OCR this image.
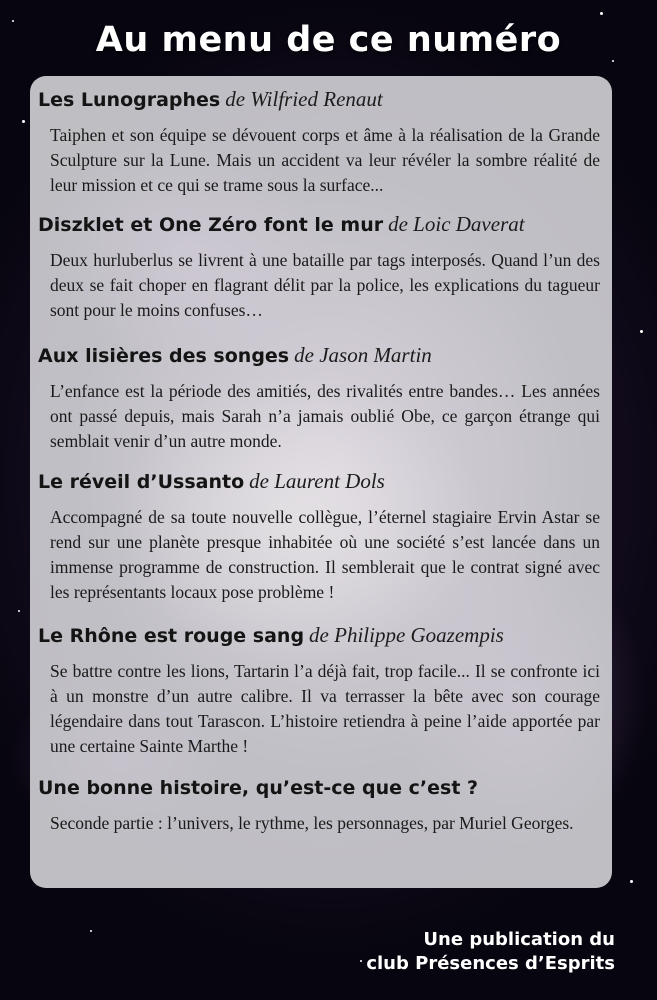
Au menu de ce numéro

Les Lunographes de Wilfried Renaut

Taiphen et son équipe se dévouent corps et âme à la réalisation de la Grande Sculpture sur la Lune. Mais un accident va leur révéler la sombre réalité de leur mission et ce qui se trame sous la surface...

Diszklet et One Zéro font le mur de Loic Daverat

Deux hurluberlus se livrent à une bataille par tags interposés. Quand l’un des deux se fait choper en flagrant délit par la police, les explications du tagueur sont pour le moins confuses…

Aux lisières des songes de Jason Martin

L’enfance est la période des amitiés, des rivalités entre bandes… Les années ont passé depuis, mais Sarah n’a jamais oublié Obe, ce garçon étrange qui semblait venir d’un autre monde.

Le réveil d’Ussanto de Laurent Dols

Accompagné de sa toute nouvelle collègue, l’éternel stagiaire Ervin Astar se rend sur une planète presque inhabitée où une société s’est lancée dans un immense programme de construction. Il semblerait que le contrat signé avec les représentants locaux pose problème !

Le Rhône est rouge sang de Philippe Goazempis

Se battre contre les lions, Tartarin l’a déjà fait, trop facile... Il se confronte ici à un monstre d’un autre calibre. Il va terrasser la bête avec son courage légendaire dans tout Tarascon. L’histoire retiendra à peine l’aide apportée par une certaine Sainte Marthe !

Une bonne histoire, qu’est-ce que c’est ?

Seconde partie : l’univers, le rythme, les personnages, par Muriel Georges.

Une publication du
club Présences d’Esprits
